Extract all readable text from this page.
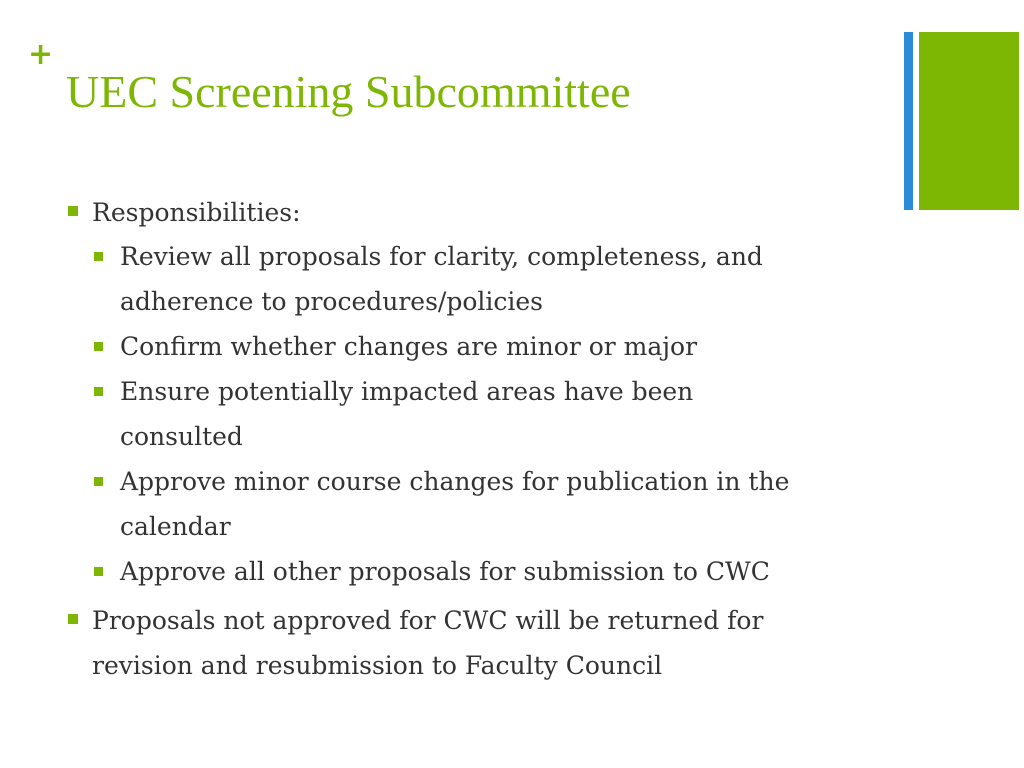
+
UEC Screening Subcommittee
Responsibilities:
Review all proposals for clarity, completeness, and adherence to procedures/policies
Confirm whether changes are minor or major
Ensure potentially impacted areas have been consulted
Approve minor course changes for publication in the calendar
Approve all other proposals for submission to CWC
Proposals not approved for CWC will be returned for revision and resubmission to Faculty Council
